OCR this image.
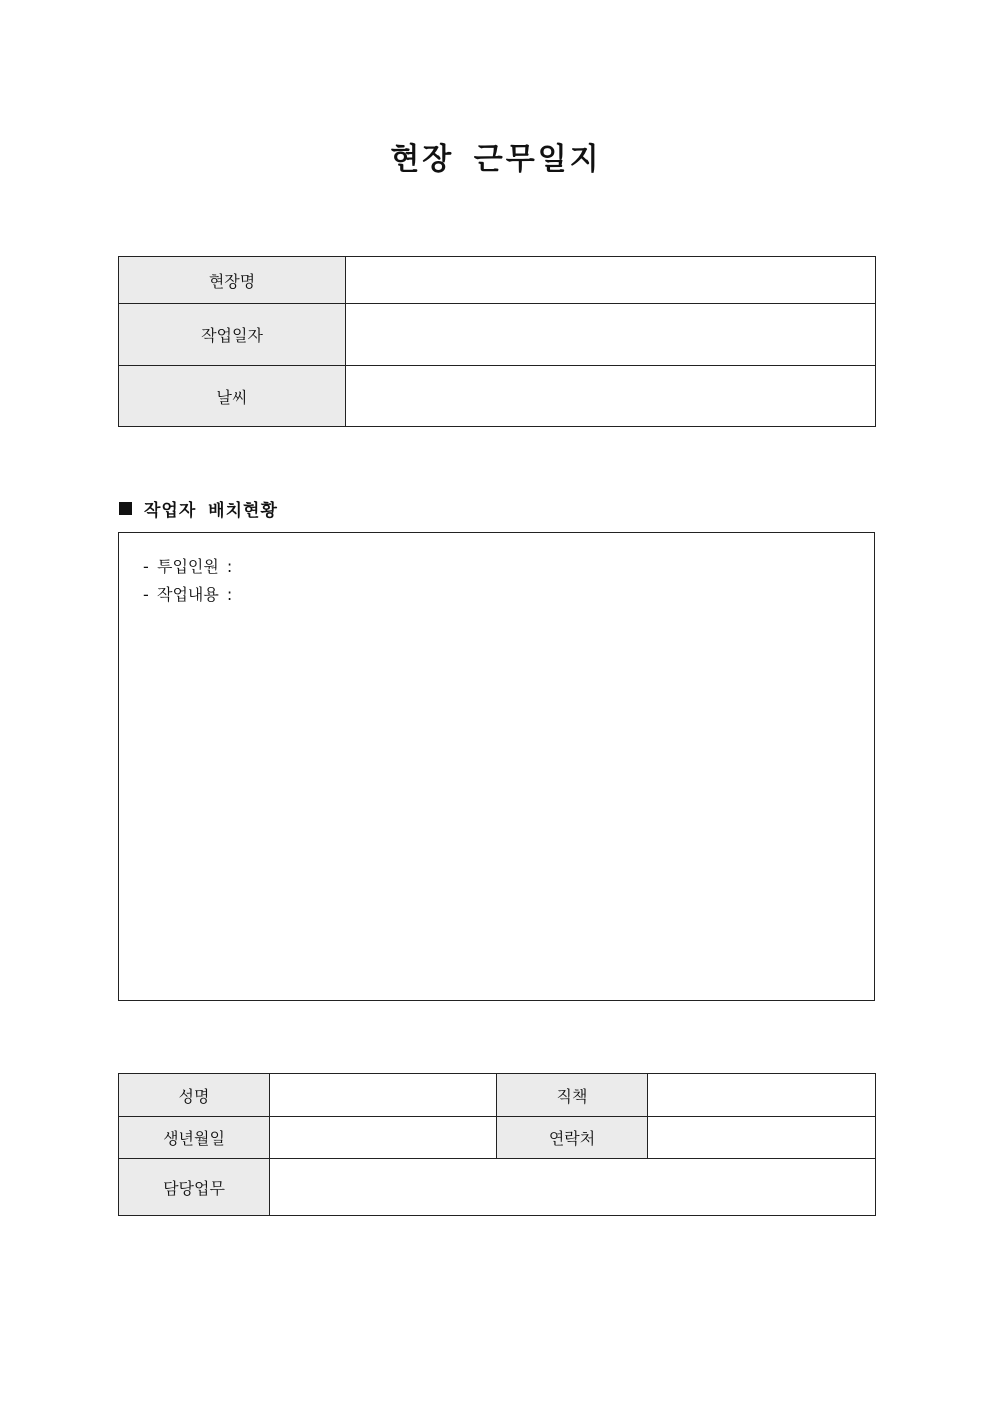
현장 근무일지
현장명	
작업일자	
날씨	
작업자 배치현황
- 투입인원 :
- 작업내용 :
성명		직책	
생년월일		연락처	
담당업무			
